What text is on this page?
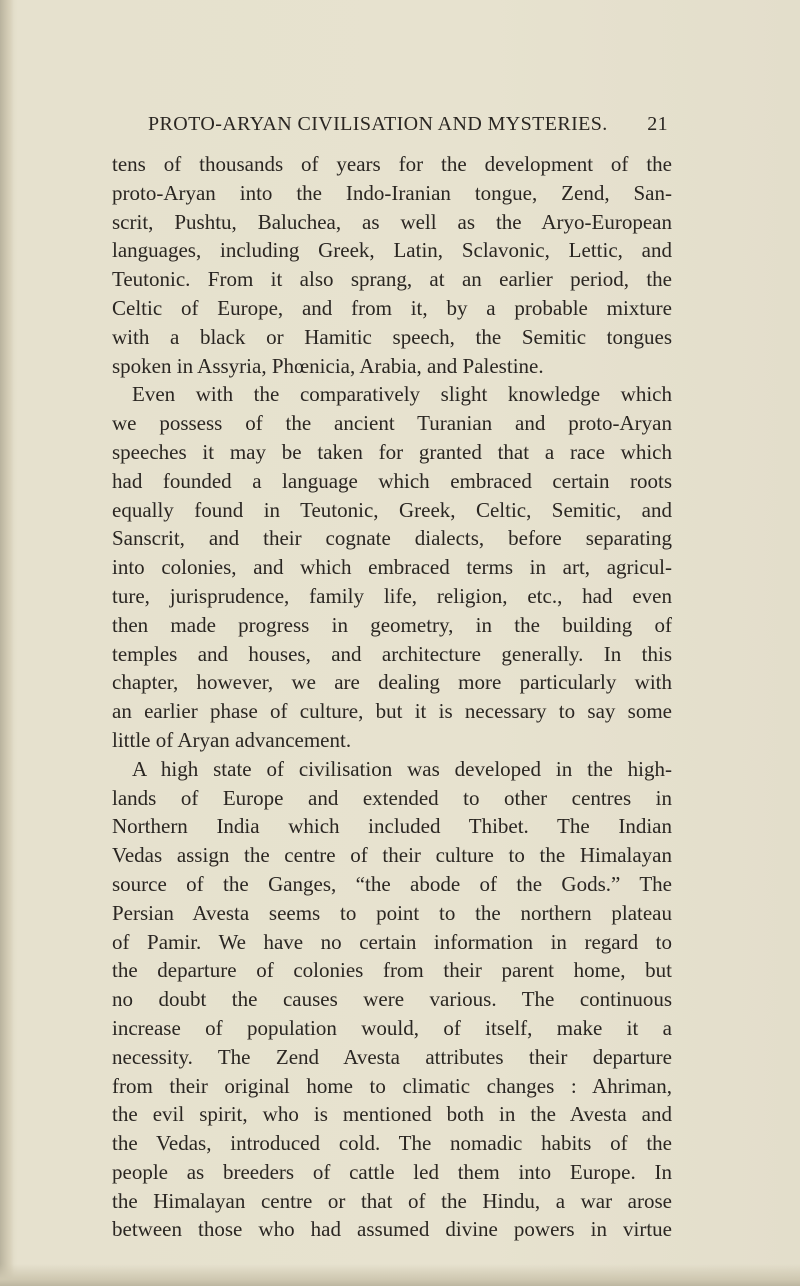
PROTO-ARYAN CIVILISATION AND MYSTERIES. 21
tens of thousands of years for the development of the
proto-Aryan into the Indo-Iranian tongue, Zend, San-
scrit, Pushtu, Baluchea, as well as the Aryo-European
languages, including Greek, Latin, Sclavonic, Lettic, and
Teutonic. From it also sprang, at an earlier period, the
Celtic of Europe, and from it, by a probable mixture
with a black or Hamitic speech, the Semitic tongues
spoken in Assyria, Phœnicia, Arabia, and Palestine.
Even with the comparatively slight knowledge which
we possess of the ancient Turanian and proto-Aryan
speeches it may be taken for granted that a race which
had founded a language which embraced certain roots
equally found in Teutonic, Greek, Celtic, Semitic, and
Sanscrit, and their cognate dialects, before separating
into colonies, and which embraced terms in art, agricul-
ture, jurisprudence, family life, religion, etc., had even
then made progress in geometry, in the building of
temples and houses, and architecture generally. In this
chapter, however, we are dealing more particularly with
an earlier phase of culture, but it is necessary to say some
little of Aryan advancement.
A high state of civilisation was developed in the high-
lands of Europe and extended to other centres in
Northern India which included Thibet. The Indian
Vedas assign the centre of their culture to the Himalayan
source of the Ganges, “the abode of the Gods.” The
Persian Avesta seems to point to the northern plateau
of Pamir. We have no certain information in regard to
the departure of colonies from their parent home, but
no doubt the causes were various. The continuous
increase of population would, of itself, make it a
necessity. The Zend Avesta attributes their departure
from their original home to climatic changes : Ahriman,
the evil spirit, who is mentioned both in the Avesta and
the Vedas, introduced cold. The nomadic habits of the
people as breeders of cattle led them into Europe. In
the Himalayan centre or that of the Hindu, a war arose
between those who had assumed divine powers in virtue
